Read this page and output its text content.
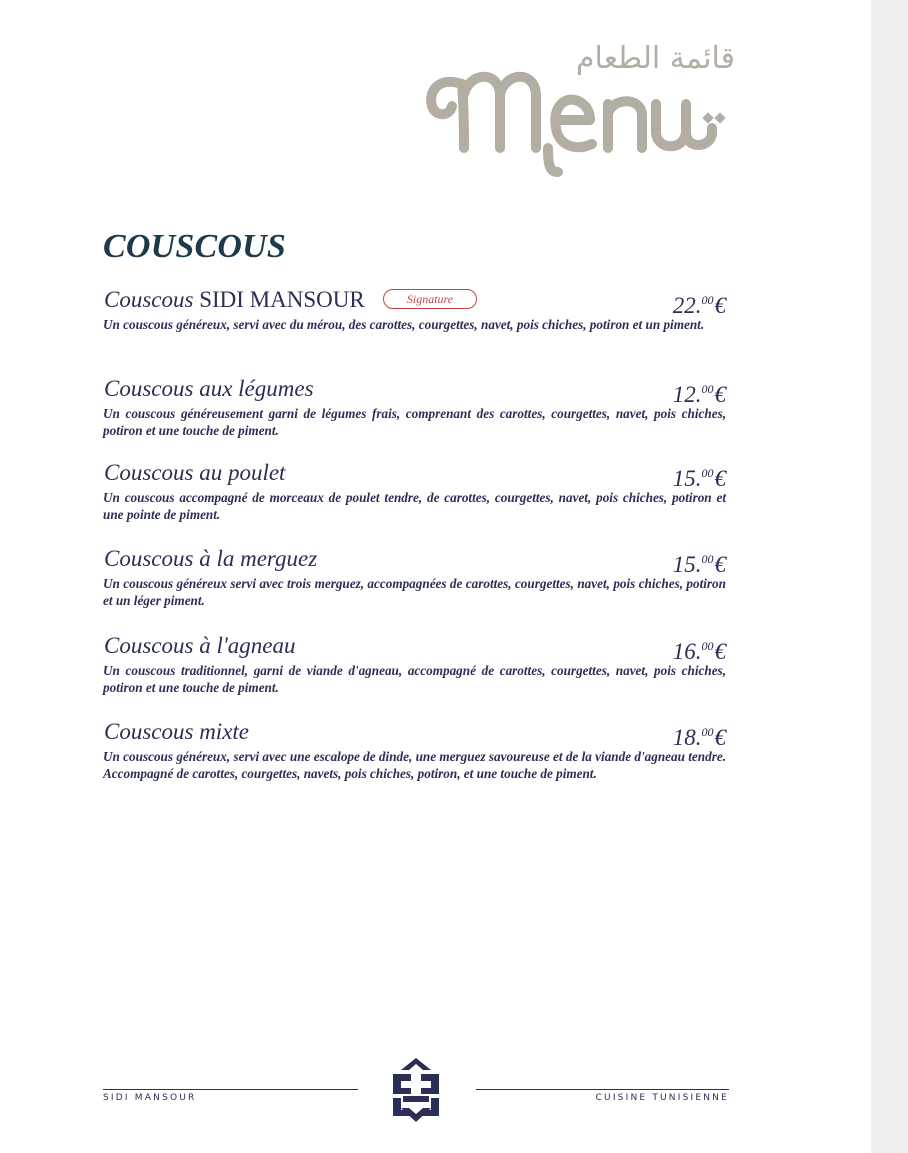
قائمة الطعام
Menu
COUSCOUS
Couscous SIDI MANSOUR	Signature	22.00€

Un couscous généreux, servi avec du mérou, des carottes, courgettes, navet, pois chiches, potiron et un piment.

Couscous aux légumes	12.00€

Un couscous généreusement garni de légumes frais, comprenant des carottes, courgettes, navet, pois chiches, potiron et une touche de piment.

Couscous au poulet	15.00€

Un couscous accompagné de morceaux de poulet tendre, de carottes, courgettes, navet, pois chiches, potiron et une pointe de piment.

Couscous à la merguez	15.00€

Un couscous généreux servi avec trois merguez, accompagnées de carottes, courgettes, navet, pois chiches, potiron et un léger piment.

Couscous à l'agneau	16.00€

Un couscous traditionnel, garni de viande d'agneau, accompagné de carottes, courgettes, navet, pois chiches, potiron et une touche de piment.

Couscous mixte	18.00€

Un couscous généreux, servi avec une escalope de dinde, une merguez savoureuse et de la viande d'agneau tendre. Accompagné de carottes, courgettes, navets, pois chiches, potiron, et une touche de piment.

SIDI MANSOUR	CUISINE TUNISIENNE
